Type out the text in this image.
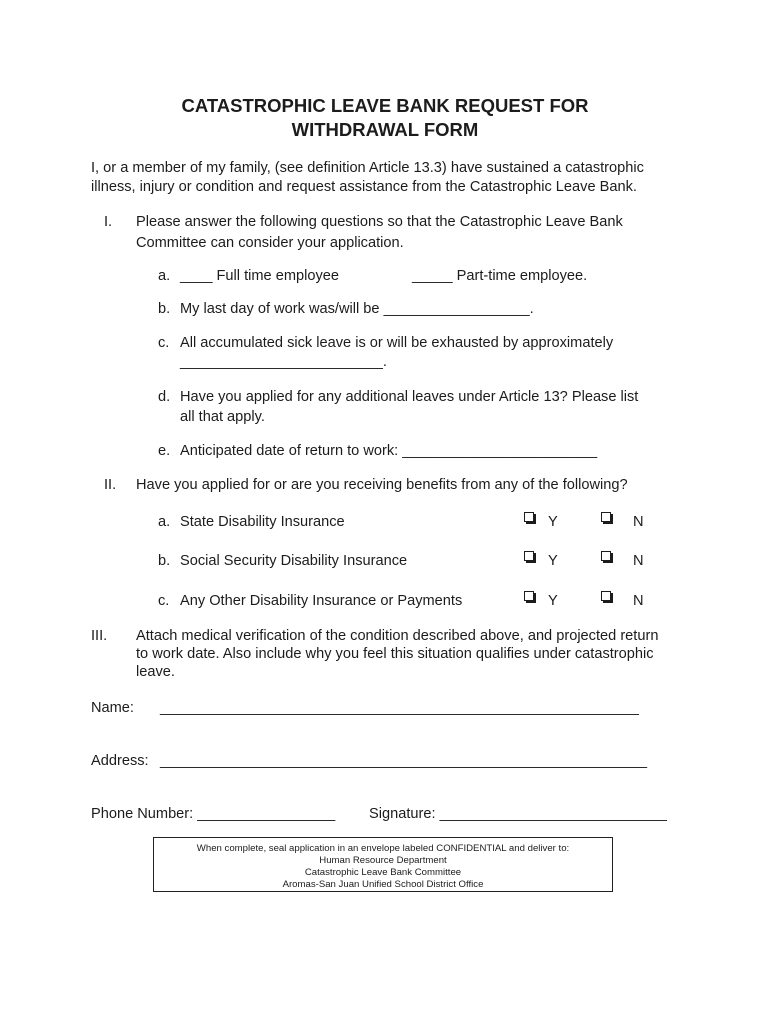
CATASTROPHIC LEAVE BANK REQUEST FOR
WITHDRAWAL FORM
I, or a member of my family, (see definition Article 13.3) have sustained a catastrophic
illness, injury or condition and request assistance from the Catastrophic Leave Bank.
I. Please answer the following questions so that the Catastrophic Leave Bank
Committee can consider your application.
a. ____ Full time employee	_____ Part-time employee.
b. My last day of work was/will be __________________.
c. All accumulated sick leave is or will be exhausted by approximately
_________________________.
d. Have you applied for any additional leaves under Article 13? Please list
all that apply.
e. Anticipated date of return to work: ________________________
II. Have you applied for or are you receiving benefits from any of the following?
a. State Disability Insurance	Y	N
b. Social Security Disability Insurance	Y	N
c. Any Other Disability Insurance or Payments	Y	N
III. Attach medical verification of the condition described above, and projected return
to work date. Also include why you feel this situation qualifies under catastrophic
leave.
Name: ___________________________________________________________
Address: ____________________________________________________________
Phone Number: _________________ Signature: ____________________________
When complete, seal application in an envelope labeled CONFIDENTIAL and deliver to:
Human Resource Department
Catastrophic Leave Bank Committee
Aromas-San Juan Unified School District Office
